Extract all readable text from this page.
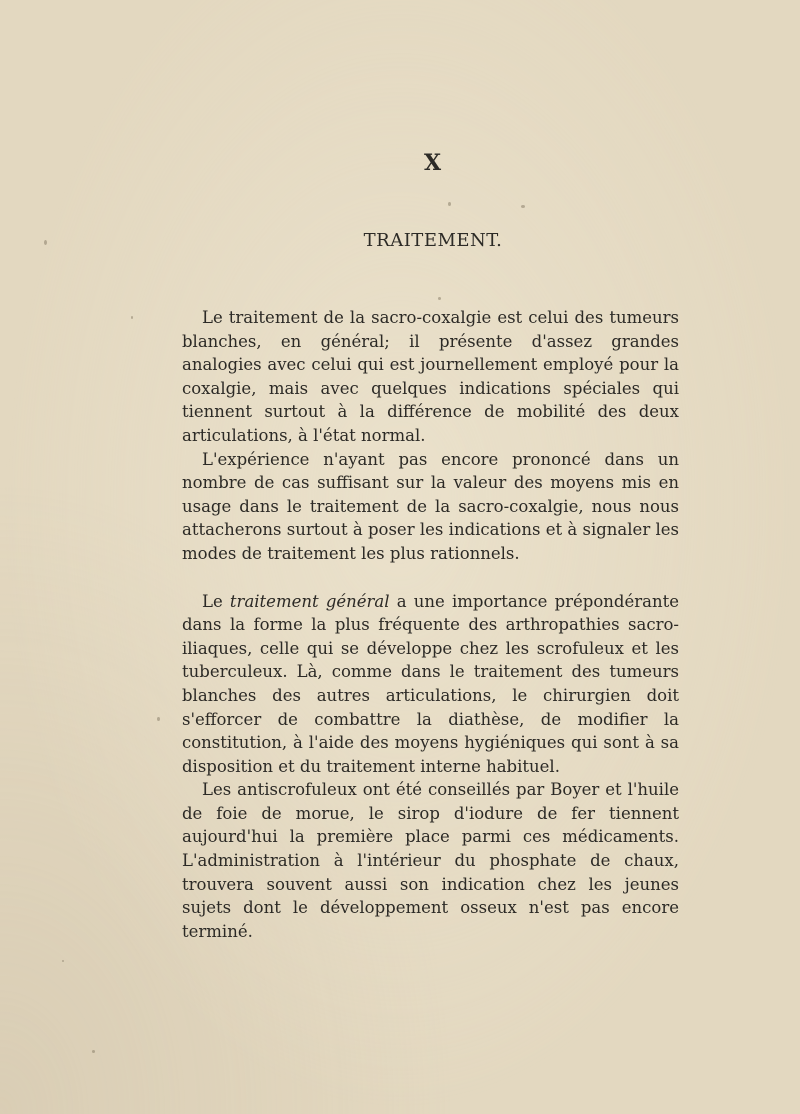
X
TRAITEMENT.

Le traitement de la sacro-coxalgie est celui des tumeurs blanches, en général; il présente d'assez grandes analogies avec celui qui est journellement employé pour la coxalgie, mais avec quelques indications spéciales qui tiennent surtout à la différence de mobilité des deux articulations, à l'état normal.

L'expérience n'ayant pas encore prononcé dans un nombre de cas suffisant sur la valeur des moyens mis en usage dans le traitement de la sacro-coxalgie, nous nous attacherons surtout à poser les indications et à signaler les modes de traitement les plus rationnels.

Le traitement général a une importance prépondérante dans la forme la plus fréquente des arthropathies sacro-iliaques, celle qui se développe chez les scrofuleux et les tuberculeux. Là, comme dans le traitement des tumeurs blanches des autres articulations, le chirurgien doit s'efforcer de combattre la diathèse, de modifier la constitution, à l'aide des moyens hygiéniques qui sont à sa disposition et du traitement interne habituel.

Les antiscrofuleux ont été conseillés par Boyer et l'huile de foie de morue, le sirop d'iodure de fer tiennent aujourd'hui la première place parmi ces médicaments. L'administration à l'intérieur du phosphate de chaux, trouvera souvent aussi son indication chez les jeunes sujets dont le développement osseux n'est pas encore terminé.
